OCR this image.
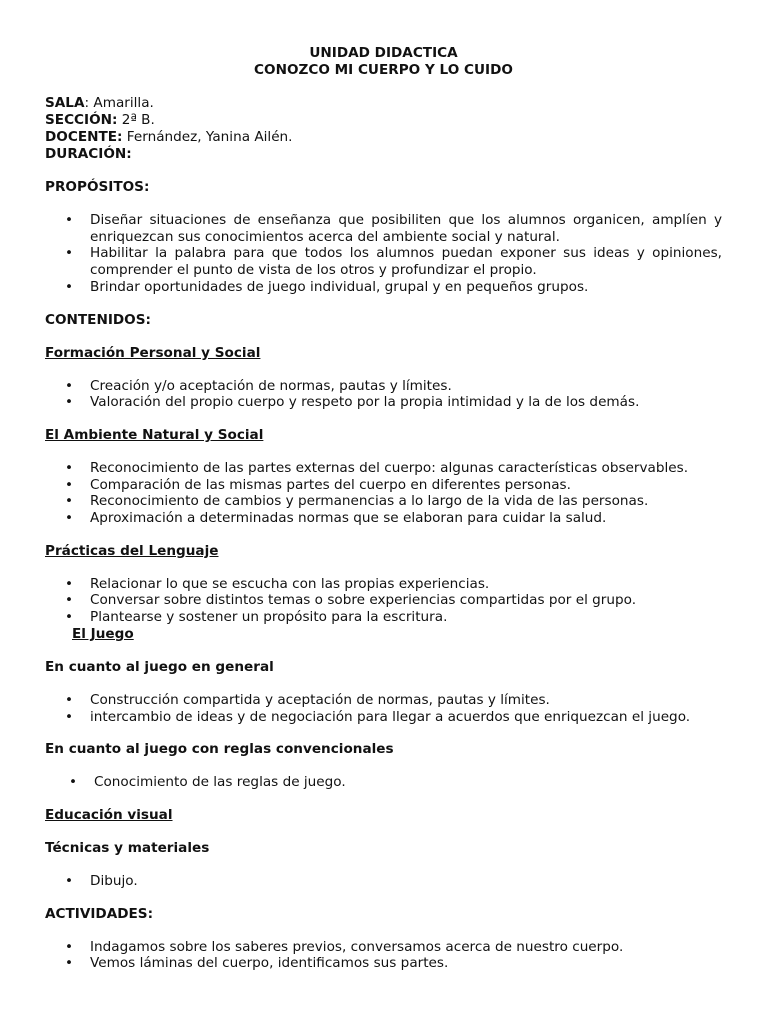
UNIDAD DIDACTICA
CONOZCO MI CUERPO Y LO CUIDO
SALA: Amarilla.
SECCIÓN: 2ª B.
DOCENTE: Fernández, Yanina Ailén.
DURACIÓN:
PROPÓSITOS:
• Diseñar situaciones de enseñanza que posibiliten que los alumnos organicen, amplíen y enriquezcan sus conocimientos acerca del ambiente social y natural.
• Habilitar la palabra para que todos los alumnos puedan exponer sus ideas y opiniones, comprender el punto de vista de los otros y profundizar el propio.
• Brindar oportunidades de juego individual, grupal y en pequeños grupos.
CONTENIDOS:
Formación Personal y Social
• Creación y/o aceptación de normas, pautas y límites.
• Valoración del propio cuerpo y respeto por la propia intimidad y la de los demás.
El Ambiente Natural y Social
• Reconocimiento de las partes externas del cuerpo: algunas características observables.
• Comparación de las mismas partes del cuerpo en diferentes personas.
• Reconocimiento de cambios y permanencias a lo largo de la vida de las personas.
• Aproximación a determinadas normas que se elaboran para cuidar la salud.
Prácticas del Lenguaje
• Relacionar lo que se escucha con las propias experiencias.
• Conversar sobre distintos temas o sobre experiencias compartidas por el grupo.
• Plantearse y sostener un propósito para la escritura.
El Juego
En cuanto al juego en general
• Construcción compartida y aceptación de normas, pautas y límites.
• intercambio de ideas y de negociación para llegar a acuerdos que enriquezcan el juego.
En cuanto al juego con reglas convencionales
• Conocimiento de las reglas de juego.
Educación visual
Técnicas y materiales
• Dibujo.
ACTIVIDADES:
• Indagamos sobre los saberes previos, conversamos acerca de nuestro cuerpo.
• Vemos láminas del cuerpo, identificamos sus partes.
